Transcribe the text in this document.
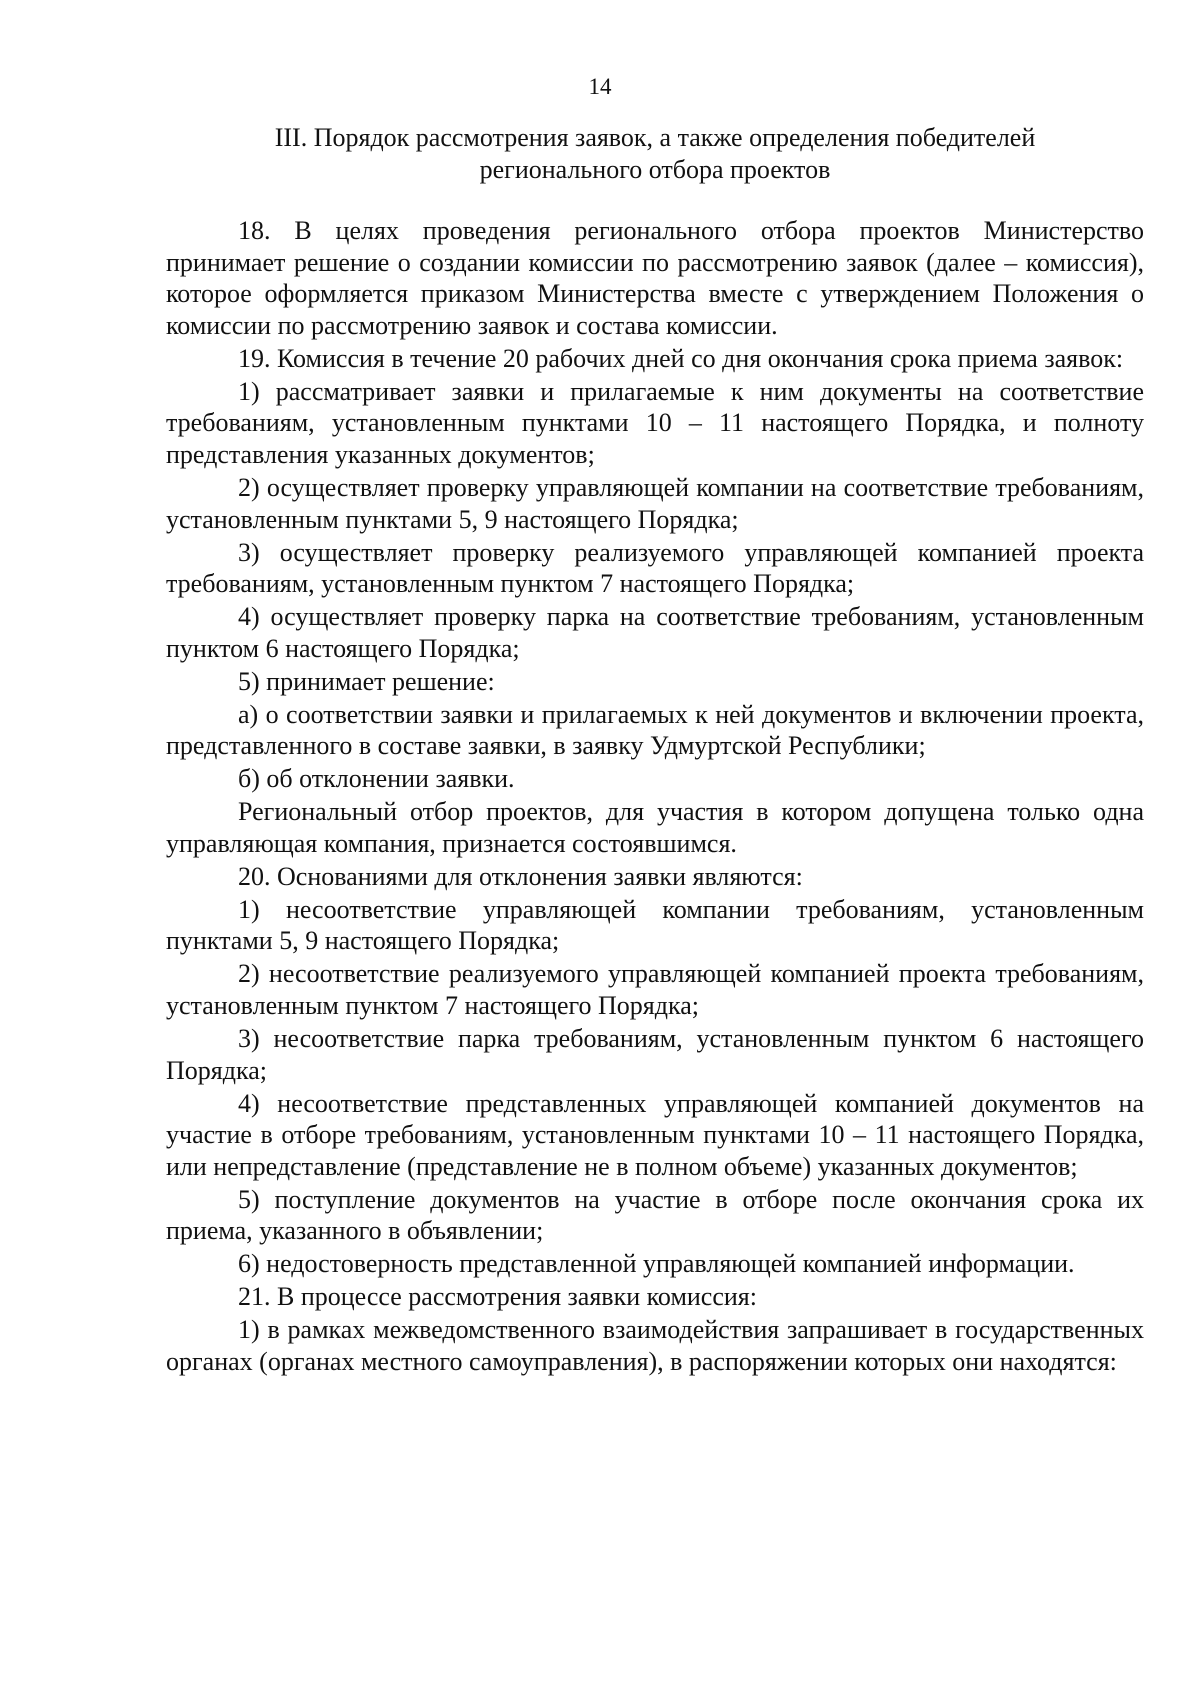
14
III. Порядок рассмотрения заявок, а также определения победителей
регионального отбора проектов

18. В целях проведения регионального отбора проектов Министерство принимает решение о создании комиссии по рассмотрению заявок (далее – комиссия), которое оформляется приказом Министерства вместе с утверждением Положения о комиссии по рассмотрению заявок и состава комиссии.

19. Комиссия в течение 20 рабочих дней со дня окончания срока приема заявок:

1) рассматривает заявки и прилагаемые к ним документы на соответствие требованиям, установленным пунктами 10 – 11 настоящего Порядка, и полноту представления указанных документов;

2) осуществляет проверку управляющей компании на соответствие требованиям, установленным пунктами 5, 9 настоящего Порядка;

3) осуществляет проверку реализуемого управляющей компанией проекта требованиям, установленным пунктом 7 настоящего Порядка;

4) осуществляет проверку парка на соответствие требованиям, установленным пунктом 6 настоящего Порядка;

5) принимает решение:

а) о соответствии заявки и прилагаемых к ней документов и включении проекта, представленного в составе заявки, в заявку Удмуртской Республики;

б) об отклонении заявки.

Региональный отбор проектов, для участия в котором допущена только одна управляющая компания, признается состоявшимся.

20. Основаниями для отклонения заявки являются:

1) несоответствие управляющей компании требованиям, установленным пунктами 5, 9 настоящего Порядка;

2) несоответствие реализуемого управляющей компанией проекта требованиям, установленным пунктом 7 настоящего Порядка;

3) несоответствие парка требованиям, установленным пунктом 6 настоящего Порядка;

4) несоответствие представленных управляющей компанией документов на участие в отборе требованиям, установленным пунктами 10 – 11 настоящего Порядка, или непредставление (представление не в полном объеме) указанных документов;

5) поступление документов на участие в отборе после окончания срока их приема, указанного в объявлении;

6) недостоверность представленной управляющей компанией информации.

21. В процессе рассмотрения заявки комиссия:

1) в рамках межведомственного взаимодействия запрашивает в государственных органах (органах местного самоуправления), в распоряжении которых они находятся:
